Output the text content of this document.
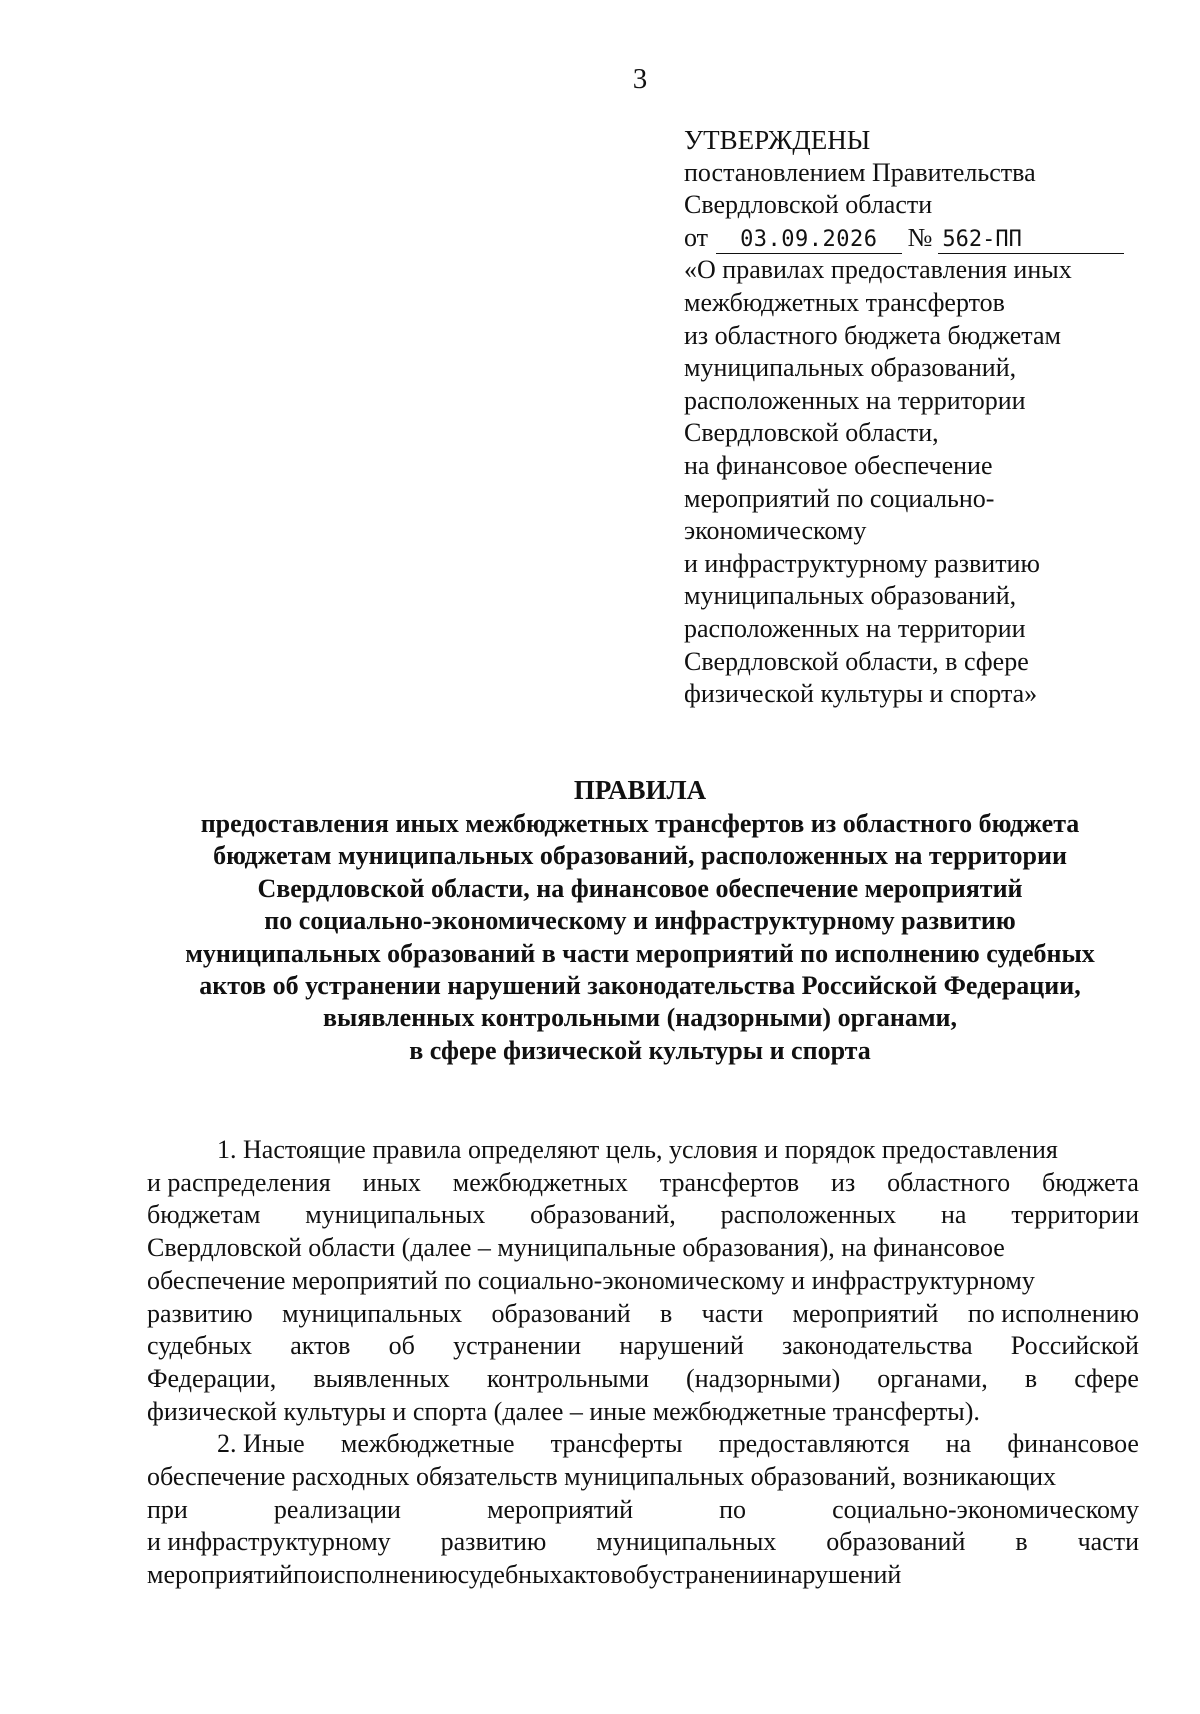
3
УТВЕРЖДЕНЫ
постановлением Правительства
Свердловской области
от	03.09.2026	№ 562-ПП
«О правилах предоставления иных
межбюджетных трансфертов
из областного бюджета бюджетам
муниципальных образований,
расположенных на территории
Свердловской области,
на финансовое обеспечение
мероприятий по социально-
экономическому
и инфраструктурному развитию
муниципальных образований,
расположенных на территории
Свердловской области, в сфере
физической культуры и спорта»
ПРАВИЛА
предоставления иных межбюджетных трансфертов из областного бюджета
бюджетам муниципальных образований, расположенных на территории
Свердловской области, на финансовое обеспечение мероприятий
по социально-экономическому и инфраструктурному развитию
муниципальных образований в части мероприятий по исполнению судебных
актов об устранении нарушений законодательства Российской Федерации,
выявленных контрольными (надзорными) органами,
в сфере физической культуры и спорта
1. Настоящие правила определяют цель, условия и порядок предоставления
и распределения иных межбюджетных трансфертов из областного бюджета
бюджетам муниципальных образований, расположенных на территории
Свердловской области (далее – муниципальные образования), на финансовое
обеспечение мероприятий по социально-экономическому и инфраструктурному
развитию муниципальных образований в части мероприятий по исполнению
судебных актов об устранении нарушений законодательства Российской
Федерации, выявленных контрольными (надзорными) органами, в сфере
физической культуры и спорта (далее – иные межбюджетные трансферты).
2. Иные межбюджетные трансферты предоставляются на финансовое
обеспечение расходных обязательств муниципальных образований, возникающих
при	реализации	мероприятий	по	социально-экономическому
и инфраструктурному развитию муниципальных образований в части
мероприятий по исполнению судебных актов об устранении нарушений
